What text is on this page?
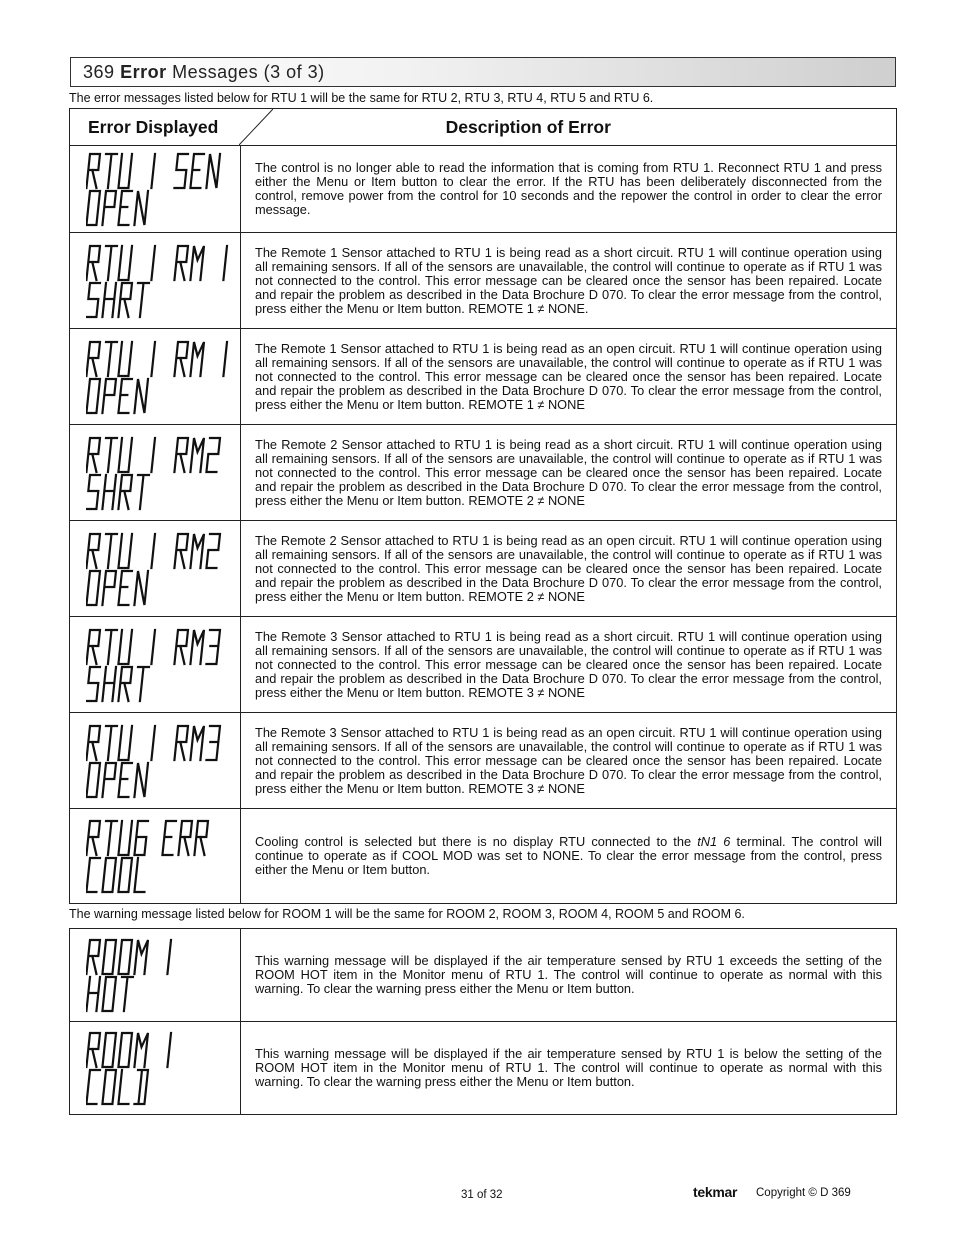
369 Error Messages (3 of 3)
The error messages listed below for RTU 1 will be the same for RTU 2, RTU 3, RTU 4, RTU 5 and RTU 6.
Error Displayed	Description of Error

	The control is no longer able to read the information that is coming from RTU 1. Reconnect RTU 1 and press either the Menu or Item button to clear the error. If the RTU has been deliberately disconnected from the control, remove power from the control for 10 seconds and the repower the control in order to clear the error message.

	The Remote 1 Sensor attached to RTU 1 is being read as a short circuit. RTU 1 will continue operation using all remaining sensors. If all of the sensors are unavailable, the control will continue to operate as if RTU 1 was not connected to the control. This error message can be cleared once the sensor has been repaired. Locate and repair the problem as described in the Data Brochure D 070. To clear the error message from the control, press either the Menu or Item button. REMOTE 1 ≠ NONE.

	The Remote 1 Sensor attached to RTU 1 is being read as an open circuit. RTU 1 will continue operation using all remaining sensors. If all of the sensors are unavailable, the control will continue to operate as if RTU 1 was not connected to the control. This error message can be cleared once the sensor has been repaired. Locate and repair the problem as described in the Data Brochure D 070. To clear the error message from the control, press either the Menu or Item button. REMOTE 1 ≠ NONE

	The Remote 2 Sensor attached to RTU 1 is being read as a short circuit. RTU 1 will continue operation using all remaining sensors. If all of the sensors are unavailable, the control will continue to operate as if RTU 1 was not connected to the control. This error message can be cleared once the sensor has been repaired. Locate and repair the problem as described in the Data Brochure D 070. To clear the error message from the control, press either the Menu or Item button. REMOTE 2 ≠ NONE

	The Remote 2 Sensor attached to RTU 1 is being read as an open circuit. RTU 1 will continue operation using all remaining sensors. If all of the sensors are unavailable, the control will continue to operate as if RTU 1 was not connected to the control. This error message can be cleared once the sensor has been repaired. Locate and repair the problem as described in the Data Brochure D 070. To clear the error message from the control, press either the Menu or Item button. REMOTE 2 ≠ NONE

	The Remote 3 Sensor attached to RTU 1 is being read as a short circuit. RTU 1 will continue operation using all remaining sensors. If all of the sensors are unavailable, the control will continue to operate as if RTU 1 was not connected to the control. This error message can be cleared once the sensor has been repaired. Locate and repair the problem as described in the Data Brochure D 070. To clear the error message from the control, press either the Menu or Item button. REMOTE 3 ≠ NONE

	The Remote 3 Sensor attached to RTU 1 is being read as an open circuit. RTU 1 will continue operation using all remaining sensors. If all of the sensors are unavailable, the control will continue to operate as if RTU 1 was not connected to the control. This error message can be cleared once the sensor has been repaired. Locate and repair the problem as described in the Data Brochure D 070. To clear the error message from the control, press either the Menu or Item button. REMOTE 3 ≠ NONE

	Cooling control is selected but there is no display RTU connected to the tN1 6 terminal. The control will continue to operate as if COOL MOD was set to NONE. To clear the error message from the control, press either the Menu or Item button.
The warning message listed below for ROOM 1 will be the same for ROOM 2, ROOM 3, ROOM 4, ROOM 5 and ROOM 6.
	This warning message will be displayed if the air temperature sensed by RTU 1 exceeds the setting of the ROOM HOT item in the Monitor menu of RTU 1. The control will continue to operate as normal with this warning. To clear the warning press either the Menu or Item button.

	This warning message will be displayed if the air temperature sensed by RTU 1 is below the setting of the ROOM HOT item in the Monitor menu of RTU 1. The control will continue to operate as normal with this warning. To clear the warning press either the Menu or Item button.
31 of 32	tekmar Copyright © D 369
